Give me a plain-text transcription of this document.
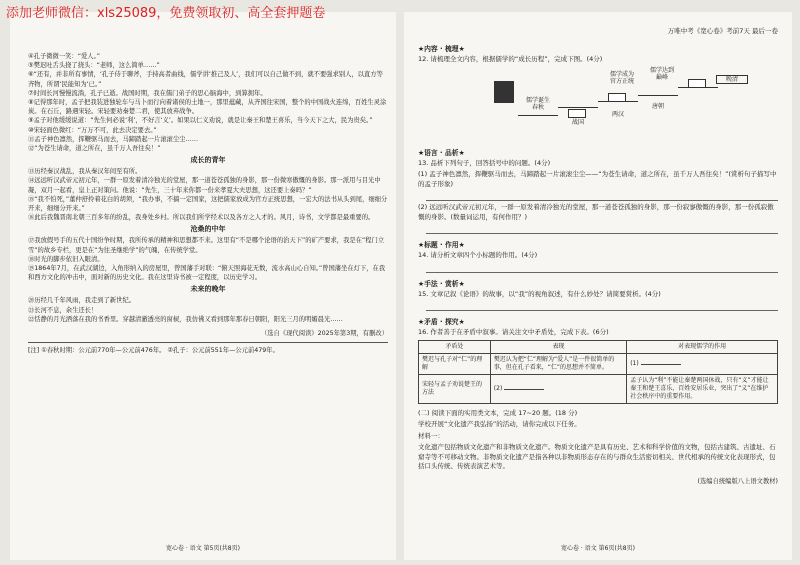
添加老师微信：xls25089，免费领取初、高全套押题卷

④孔子微微一笑：“爱人。”

⑤樊迟吐舌头挠了挠头：“老师，这么简单……”

⑥“还有，并非所有事情，‘孔子侍于聊斧，手持高者曲线，儒学讲‘推己及人’，我们可以自己做不到，就不要强求别人，以直方等齐物，所谓‘民能知为’已。”

⑦时间长河慢慢流淌，孔子已逝。战国时期，我在儒门弟子的思心脑海中，到算拥年。

⑧记得那年时，孟子把我装进独轮车与马卜而行向着诸侯的土地一，那里蕴藏，从齐国往宋国，整个的中国战火连绵，百姓生灵涂炭。在石丘，路遇宋轻。宋轻要劝秦楚二君，使其放弃战争。

⑨孟子对他缓缓说道：“先生何必说‘利’，不好言‘义’。如果以仁义劝说，就是让秦王和楚王喜乐，当今天下之大，民为贵矣。”

⑩宋轻面色微红：“万万不可，此去决定要去。”

⑪孟子神色凛然，挥鞭驱马而去，马蹄踏起一片滚滚尘尘……

⑫“为苍生请命，道之所在，虽千万人吾往矣！”

成长的青年

⑬历经秦汉战乱，我从秦汉年间至有所。

⑭远远听汉武帝元初元年，一群一原发着清冷独光的堂屋，那一道苍苍孤独的身影，那一份微寒傲慨的身影。那一派用与目光中凝，双月一起看，皇上正对策问。他说：“先生，三十年来你都一份来孝夏大夫思想，这还要上奏吗？”

⑮“我不怕死，”董仲舒拎着花白的胡须，“我办事，不搞一定国家，这把儒家放成为官方正统思想，一宏大的法书从头到尾，细细分开来，细细分开来。”

⑯此后我魏晋南北朝三百多年的纷乱，我身处乡村。所以我们所学经术以及各方之人才的。风月，诗书，文学都是最重要的。

沧桑的中年

⑰我放假号手的五代十国纷争时期，我所传承的精神和思想都不来。这里有“不是哪个论语的治天下”的矿产要求，我是在“程门立雪”的故乡专栏，更是在“为往圣继绝学”的气魄，在传统学堂。

⑱时光的脚步依旧入眼清。

⑲1864年7月，在武汉湖边，入角形纳入的房屋里，曾国藩手对联：“俯天照海花无数，流水高山心自知。”曾国藩坐在灯下，在我和西方文化的冲击中，面对新的历史文化。我在这里诗书被一定程度，以历史学习。

未来的晚年

⑳历经几千年风雨，我走到了新世纪。

㉑长河不息，余生还长！

㉒恬静的月光洒落在我的书香里。穿越清澈透亮的窗棂，我仿佛又看到那年那春日朝阳，阳光三月的明媚晨光……

（选自《现代阅读》2025年第3期，有删改）
[注] ①春秋时期：公元前770年—公元前476年。 ②孔子：公元前551年—公元前479年。
宽心卷 · 语文 第5页(共8页)
万唯中考《宽心卷》考前7天 最后一卷
★内容 · 梳理★
12. 请梳理全文内容，根据儒学的“成长历程”，完成下图。(4分)
儒学诞生
春秋
战国
两汉
唐朝
儒学成为
官方正统
儒学达到
巅峰	晚清
★语言 · 品析★
13. 品析下列句子，回答括号中的问题。(4分)
(1) 孟子神色凛然，挥鞭驱马而去，马蹄踏起一片滚滚尘尘——“为苍生请命，道之所在，虽千万人吾往矣！”(赏析句子描写中的孟子形象)
(2) 远远听汉武帝元初元年，一群一原发着清冷独光的堂屋，那一道苍苍孤独的身影，那一份寂寥傲慨的身影，那一份孤寂傲慨的身影。(数量词运用，有何作用？)
★标题 · 作用★
14. 请分析文章四个小标题的作用。(4分)
★手法 · 赏析★
15. 文章记叙《论语》的故事，以“我”的视角叙述，有什么妙处？请简要赏析。(4分)
★矛盾 · 探究★
16. 作者善于在矛盾中叙事。请关注文中矛盾处，完成下表。(6分)
矛盾处	表现	对表现儒学的作用
樊迟与孔子对“仁”的理解	樊迟认为把“仁”理解为“爱人”是一件很简单的事，但在孔子看来，“仁”的思想并不简单。	(1)
宋轻与孟子劝说楚王的方法	(2)	孟子认为“利”不能让秦楚两国休战，只有“义”才能让秦王和楚王喜乐，百姓安居乐业，突出了“义”在维护社会秩序中的重要作用。
(二) 阅读下面的实用类文本，完成 17~20 题。(18 分)
学校开展“文化遗产我弘扬”的活动，请你完成以下任务。
材料一：
文化遗产包括物质文化遗产和非物质文化遗产。物质文化遗产是具有历史、艺术和科学价值的文物，包括古建筑、古遗址、石窟寺等不可移动文物。非物质文化遗产是指各种以非物质形态存在的与群众生活密切相关、世代相承的传统文化表现形式，包括口头传统、传统表演艺术等。
(选编自统编版八上语文教材)
宽心卷 · 语文 第6页(共8页)
